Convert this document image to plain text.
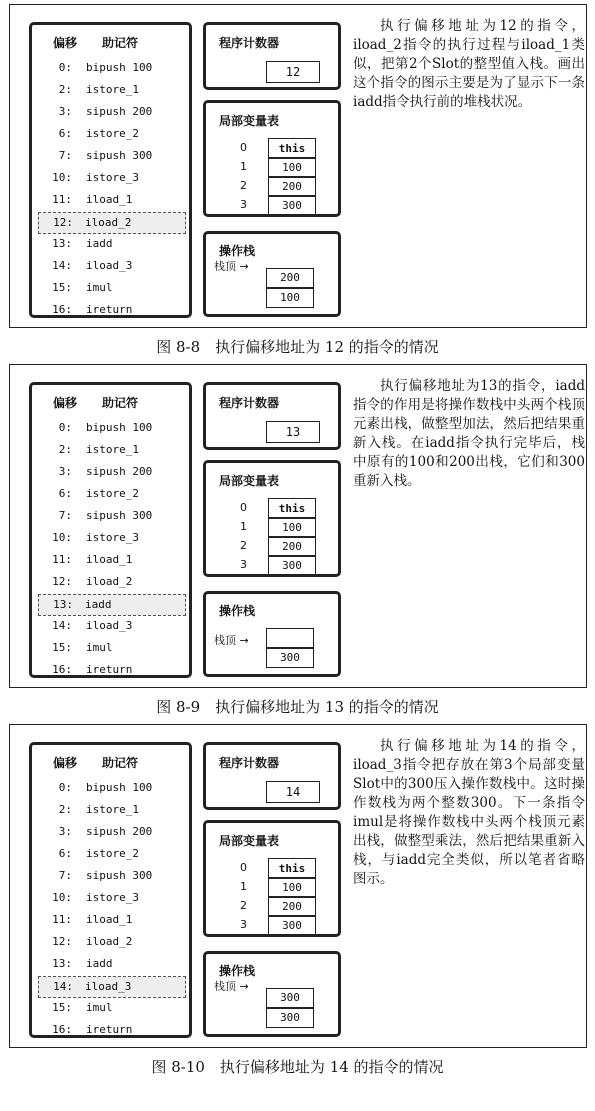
偏移 助记符
0: bipush 100
2: istore_1
3: sipush 200
6: istore_2
7: sipush 300
10: istore_3
11: iload_1
12: iload_2
13: iadd
14: iload_3
15: imul
16: ireturn
程序计数器
12
局部变量表
0	this
1	100
2	200
3	300
操作栈
栈顶 →
200
100
执行偏移地址为12的指令，iload_2指令的执行过程与iload_1类似，把第2个Slot的整型值入栈。画出这个指令的图示主要是为了显示下一条iadd指令执行前的堆栈状况。
图 8-8　执行偏移地址为 12 的指令的情况
偏移 助记符
0: bipush 100
2: istore_1
3: sipush 200
6: istore_2
7: sipush 300
10: istore_3
11: iload_1
12: iload_2
13: iadd
14: iload_3
15: imul
16: ireturn
程序计数器
13
局部变量表
0	this
1	100
2	200
3	300
操作栈
栈顶 →
300
执行偏移地址为13的指令，iadd指令的作用是将操作数栈中头两个栈顶元素出栈，做整型加法，然后把结果重新入栈。在iadd指令执行完毕后，栈中原有的100和200出栈，它们和300重新入栈。
图 8-9　执行偏移地址为 13 的指令的情况
偏移 助记符
0: bipush 100
2: istore_1
3: sipush 200
6: istore_2
7: sipush 300
10: istore_3
11: iload_1
12: iload_2
13: iadd
14: iload_3
15: imul
16: ireturn
程序计数器
14
局部变量表
0	this
1	100
2	200
3	300
操作栈
栈顶 →
300
300
执行偏移地址为14的指令，iload_3指令把存放在第3个局部变量Slot中的300压入操作数栈中。这时操作数栈为两个整数300。下一条指令imul是将操作数栈中头两个栈顶元素出栈，做整型乘法，然后把结果重新入栈，与iadd完全类似，所以笔者省略图示。
图 8-10　执行偏移地址为 14 的指令的情况
